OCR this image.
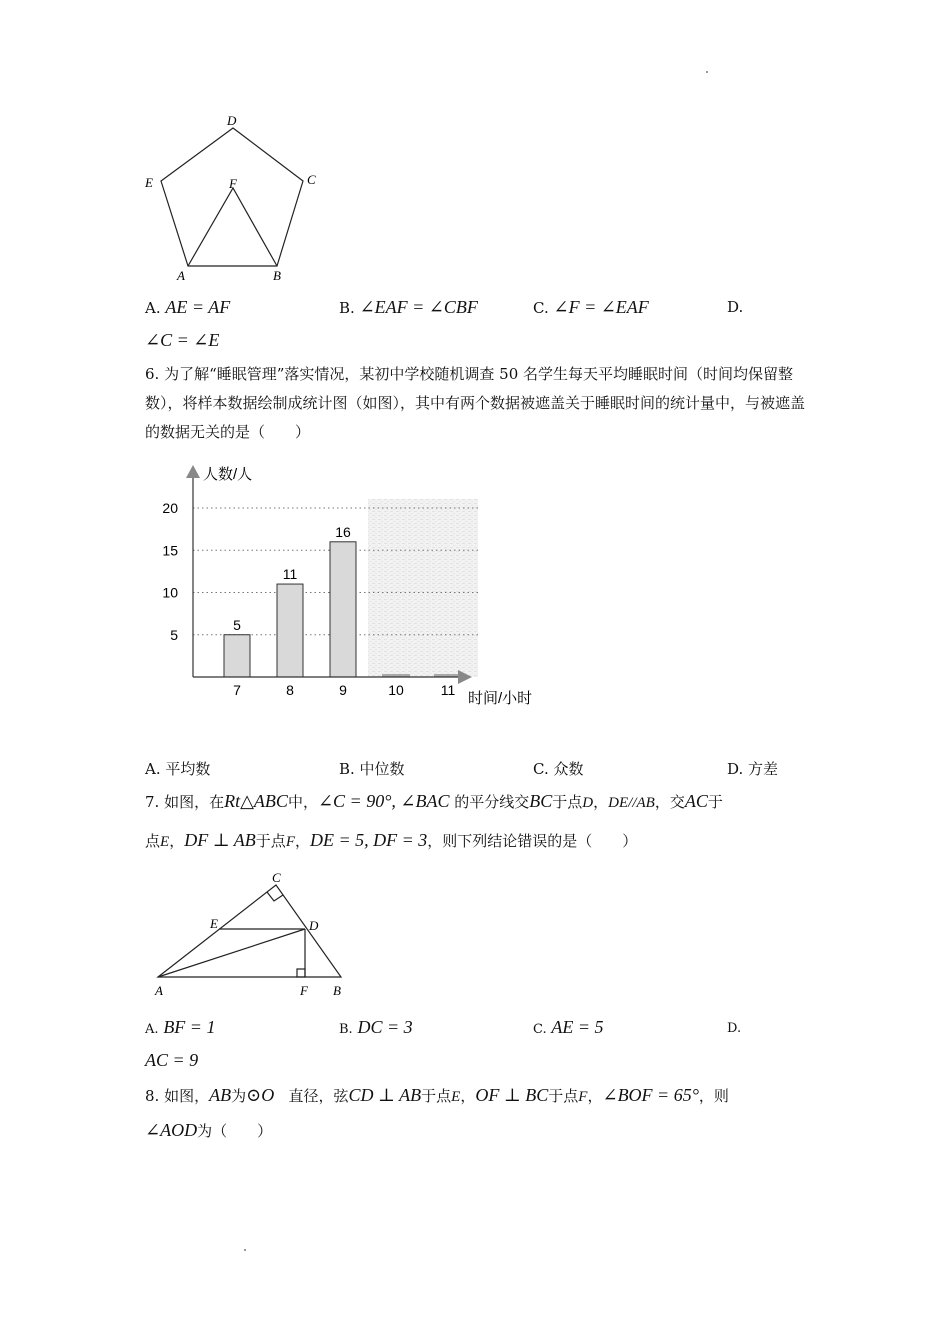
D
E	F	C
A	B
A. AE = AF	B. ∠EAF = ∠CBF	C. ∠F = ∠EAF	D.
∠C = ∠E
6. 为了解“睡眠管理”落实情况，某初中学校随机调查 50 名学生每天平均睡眠时间（时间均保留整数），将样本数据绘制成统计图（如图），其中有两个数据被遮盖关于睡眠时间的统计量中，与被遮盖的数据无关的是（　　）
5
11
16
5
10
15
20
7	8	9	10	11
人数/人
时间/小时
A. 平均数	B. 中位数	C. 众数	D. 方差
7. 如图，在Rt△ABC中，∠C = 90°, ∠BAC 的平分线交BC于点D，DE//AB，交AC于
点E，DF ⊥ AB于点F，DE = 5, DF = 3，则下列结论错误的是（　　）
C
E	D
A	F B
A. BF = 1	B. DC = 3	C. AE = 5	D.
AC = 9
8. 如图，AB为⊙O 直径，弦CD ⊥ AB于点E，OF ⊥ BC于点F，∠BOF = 65°，则
∠AOD为（　　）
